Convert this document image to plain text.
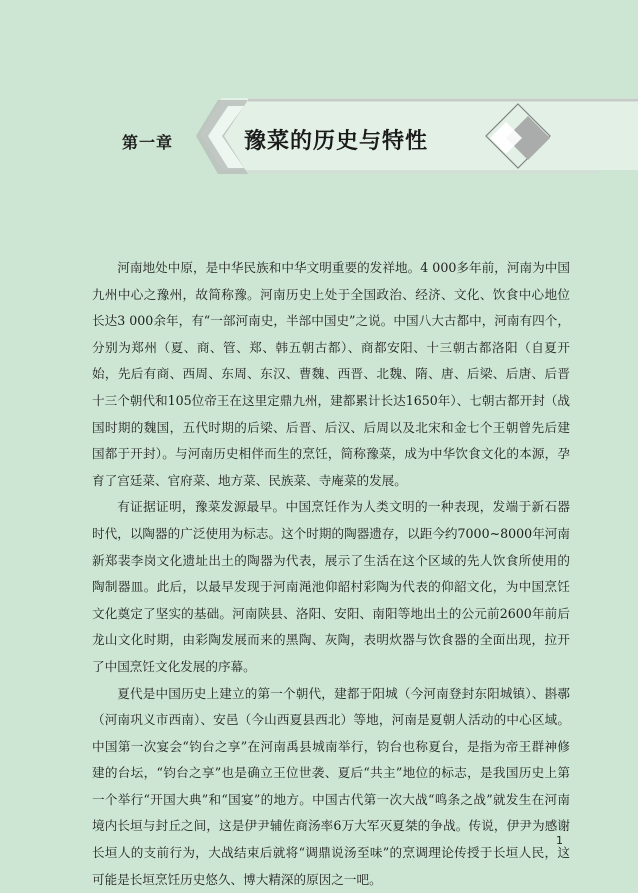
第一章	豫菜的历史与特性

河南地处中原，是中华民族和中华文明重要的发祥地。4 000多年前，河南为中国九州中心之豫州，故简称豫。河南历史上处于全国政治、经济、文化、饮食中心地位长达3 000余年，有“一部河南史，半部中国史”之说。中国八大古都中，河南有四个，分别为郑州（夏、商、管、郑、韩五朝古都）、商都安阳、十三朝古都洛阳（自夏开始，先后有商、西周、东周、东汉、曹魏、西晋、北魏、隋、唐、后梁、后唐、后晋十三个朝代和105位帝王在这里定鼎九州，建都累计长达1650年）、七朝古都开封（战国时期的魏国，五代时期的后梁、后晋、后汉、后周以及北宋和金七个王朝曾先后建国都于开封）。与河南历史相伴而生的烹饪，简称豫菜，成为中华饮食文化的本源，孕育了宫廷菜、官府菜、地方菜、民族菜、寺庵菜的发展。

有证据证明，豫菜发源最早。中国烹饪作为人类文明的一种表现，发端于新石器时代，以陶器的广泛使用为标志。这个时期的陶器遗存，以距今约7000~8000年河南新郑裴李岗文化遗址出土的陶器为代表，展示了生活在这个区域的先人饮食所使用的陶制器皿。此后，以最早发现于河南渑池仰韶村彩陶为代表的仰韶文化，为中国烹饪文化奠定了坚实的基础。河南陕县、洛阳、安阳、南阳等地出土的公元前2600年前后龙山文化时期，由彩陶发展而来的黑陶、灰陶，表明炊器与饮食器的全面出现，拉开了中国烹饪文化发展的序幕。

夏代是中国历史上建立的第一个朝代，建都于阳城（今河南登封东阳城镇）、斟鄩（河南巩义市西南）、安邑（今山西夏县西北）等地，河南是夏朝人活动的中心区域。中国第一次宴会“钧台之享”在河南禹县城南举行，钧台也称夏台，是指为帝王群神修建的台坛，“钧台之享”也是确立王位世袭、夏后“共主”地位的标志，是我国历史上第一个举行“开国大典”和“国宴”的地方。中国古代第一次大战“鸣条之战”就发生在河南境内长垣与封丘之间，这是伊尹辅佐商汤率6万大军灭夏桀的争战。传说，伊尹为感谢长垣人的支前行为，大战结束后就将“调鼎说汤至味”的烹调理论传授于长垣人民，这可能是长垣烹饪历史悠久、博大精深的原因之一吧。

1
